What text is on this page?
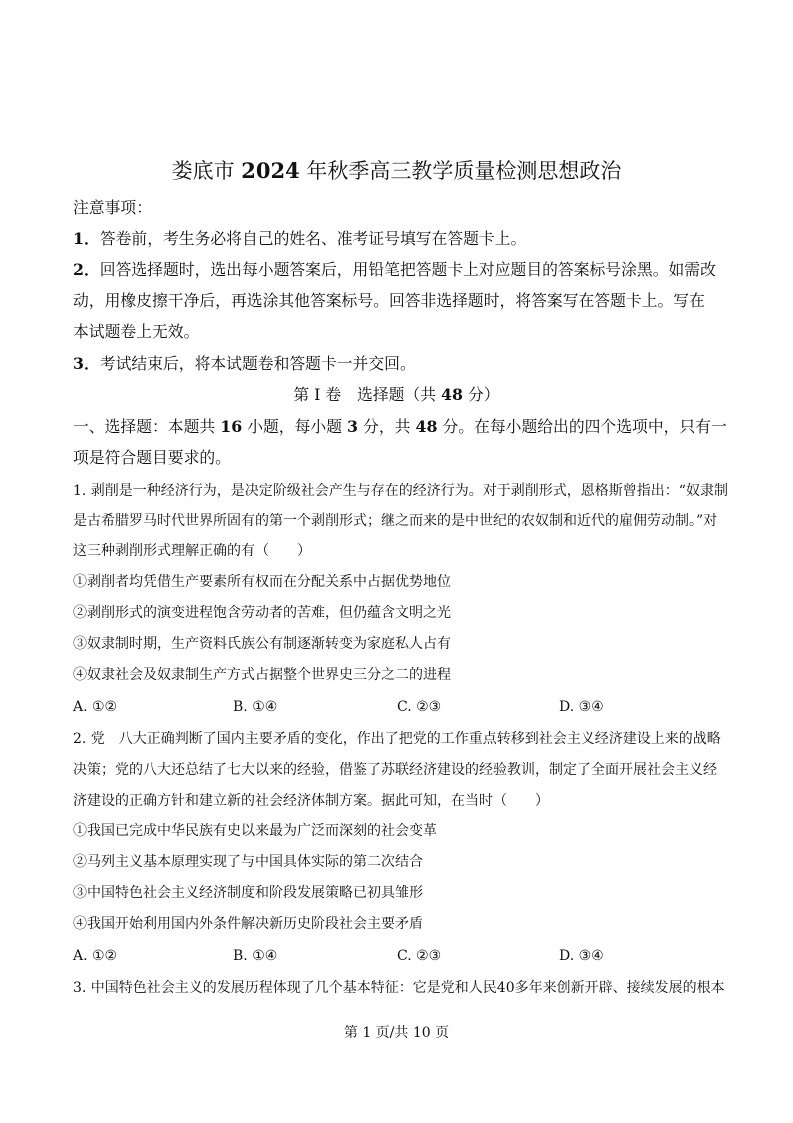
娄底市 2024 年秋季高三教学质量检测思想政治
注意事项：
1．答卷前，考生务必将自己的姓名、准考证号填写在答题卡上。
2．回答选择题时，选出每小题答案后，用铅笔把答题卡上对应题目的答案标号涂黑。如需改
动，用橡皮擦干净后，再选涂其他答案标号。回答非选择题时，将答案写在答题卡上。写在
本试题卷上无效。
3．考试结束后，将本试题卷和答题卡一并交回。
第 I 卷　选择题（共 48 分）
一、选择题：本题共 16 小题，每小题 3 分，共 48 分。在每小题给出的四个选项中，只有一
项是符合题目要求的。
1. 剥削是一种经济行为，是决定阶级社会产生与存在的经济行为。对于剥削形式，恩格斯曾指出：“奴隶制
是古希腊罗马时代世界所固有的第一个剥削形式；继之而来的是中世纪的农奴制和近代的雇佣劳动制。”对
这三种剥削形式理解正确的有（　　）
①剥削者均凭借生产要素所有权而在分配关系中占据优势地位
②剥削形式的演变进程饱含劳动者的苦难，但仍蕴含文明之光
③奴隶制时期，生产资料氏族公有制逐渐转变为家庭私人占有
④奴隶社会及奴隶制生产方式占据整个世界史三分之二的进程
A. ①②	B. ①④	C. ②③	D. ③④
2. 党　八大正确判断了国内主要矛盾的变化，作出了把党的工作重点转移到社会主义经济建设上来的战略
决策；党的八大还总结了七大以来的经验，借鉴了苏联经济建设的经验教训，制定了全面开展社会主义经
济建设的正确方针和建立新的社会经济体制方案。据此可知，在当时（　　）
①我国已完成中华民族有史以来最为广泛而深刻的社会变革
②马列主义基本原理实现了与中国具体实际的第二次结合
③中国特色社会主义经济制度和阶段发展策略已初具雏形
④我国开始利用国内外条件解决新历史阶段社会主要矛盾
A. ①②	B. ①④	C. ②③	D. ③④
3. 中国特色社会主义的发展历程体现了几个基本特征：它是党和人民40多年来创新开辟、接续发展的根本
第 1 页/共 10 页
